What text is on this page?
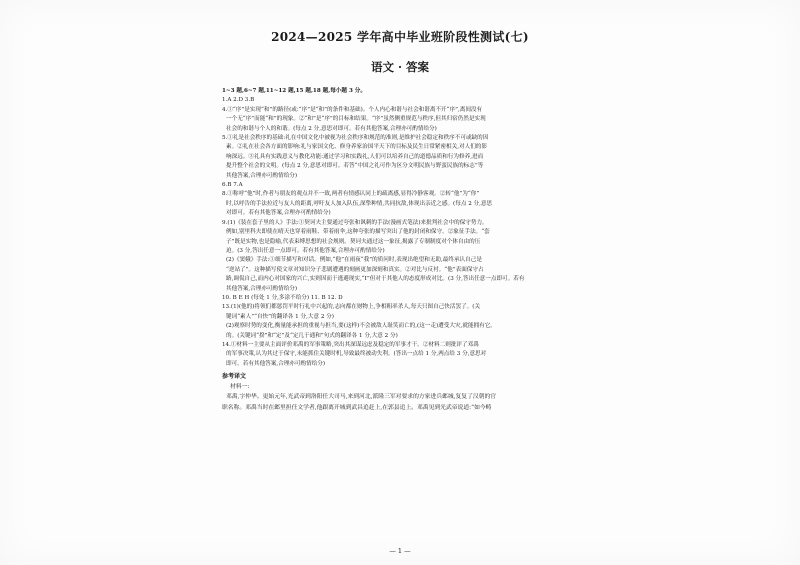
2024—2025 学年高中毕业班阶段性测试(七)
语文 · 答案
1~3 题,6~7 题,11~12 题,15 题,18 题,每小题 3 分。
1.A 2.D 3.B
4.①“序”是实现“和”的路径(或:“序”是“和”的条件和基础)。个人内心和谐与社会和谐离不开“序”,离间没有
一个无“序”而能“和”的现象。②“和”是“序”的目标和结果。“序”虽然侧重规范与秩序,但其归宿仍然是实现
社会的和谐与个人的和谐。(每点 2 分,意思对即可。若有其他答案,合理亦可酌情给分)
5.①礼是社会秩序的基础:礼在中国文化中被视为社会秩序和规范的准则,是维护社会稳定和秩序不可或缺的因
素。②礼在社会各方面的影响:礼与家国文化、修身养家治国平天下的目标及民生日常紧密相关,对人们的影
响深远。③礼具有实践意义与教化功能:通过学习和实践礼,人们可以培养自己的道德品质和行为修养,进而
提升整个社会的文明。(每点 2 分,意思对即可。若答“中国之礼可作为区分文明民族与野蛮民族的标志”等
其他答案,合理亦可酌情给分)
6.B 7.A
8.①称呼“他”时,作者与朋友的观点并不一致,两者有情感认同上的疏离感,显得冷静客观。②转“他”为“你”
时,以呼告的手法拉近与友人的距离,呼吁友人加入队伍,深挚种情,共同抗敌,体现出亲近之感。(每点 2 分,意思
对即可。若有其他答案,合理亦可酌情给分)
9.(1)《装在套子里的人》手法:①契诃夫主要通过夸张和讽刺的手法(漫画式笔法)来批判社会中的保守势力。
例如,别里科夫即使在晴天也穿着雨鞋、带着雨伞,这种夸张的描写突出了他的封闭和保守。②象征手法。“套
子”既是实物,也是隐喻,代表束缚思想的社会规则。契诃夫通过这一象征,揭露了专制制度对个体自由的压
迫。(3 分,答出任意一点即可。若有其他答案,合理亦可酌情给分)
(2)《窦娥》手法:①细节描写和对话。例如,“他”在雨夜“我”的质问时,表现出绝望和无助,最终承认自己是
“逆站了”。这种描写使文章对知识分子悲剧遭遇的刻画更加深刻和真实。②对比与反衬。“他”表面保守占
路,调侃自己,而内心对国家的兴亡,实则因而于逃避现实,“I”但对于其他人的态度形成对比。(3 分,答出任意一点即可。若有
其他答案,合理亦可酌情给分)
10. B E H (每处 1 分,多涂不给分) 11. B 12. D
13.(1)(他的)将领们都惩罚平时行礼中兴起的,志向都在财物上,争相粗率杀人,每天只图自己快活罢了。(关
键词“素人”“自快”的翻译各 1 分,大意 2 分)
(2)观察时势的变化,衡量能承担的重视与担当,要(这样)不会被敌人耻笑而亡的,(这一走)遭受大灾,就能拥有它。
的。(关键词“揆”和“定”及“定几于通和”句式的翻译各 1 分,大意 2 分)
14.①材料一主要从主面评价邓禹的军事策略,突出其深谋远虑及稳定的军事才干。②材料二则批评了邓禹
的军事决策,认为其过于保守,未能抓住关键时机,导致最终被动失利。(答出一点给 1 分,两点给 3 分,意思对
即可。若有其他答案,合理亦可酌情给分)
参考译文
材料一:
邓禹,字仲华。更始元年,光武帝到洛阳任大司马,来到河北,派隆三军对要求的方家进兵邺城,复复了汉朝的官
职名称。邓禹当时在邺里担任文学者,他跟离开城到武昌追赶上,在郭县追上。邓禹见到光武帝说道:“如今畴
— 1 —
